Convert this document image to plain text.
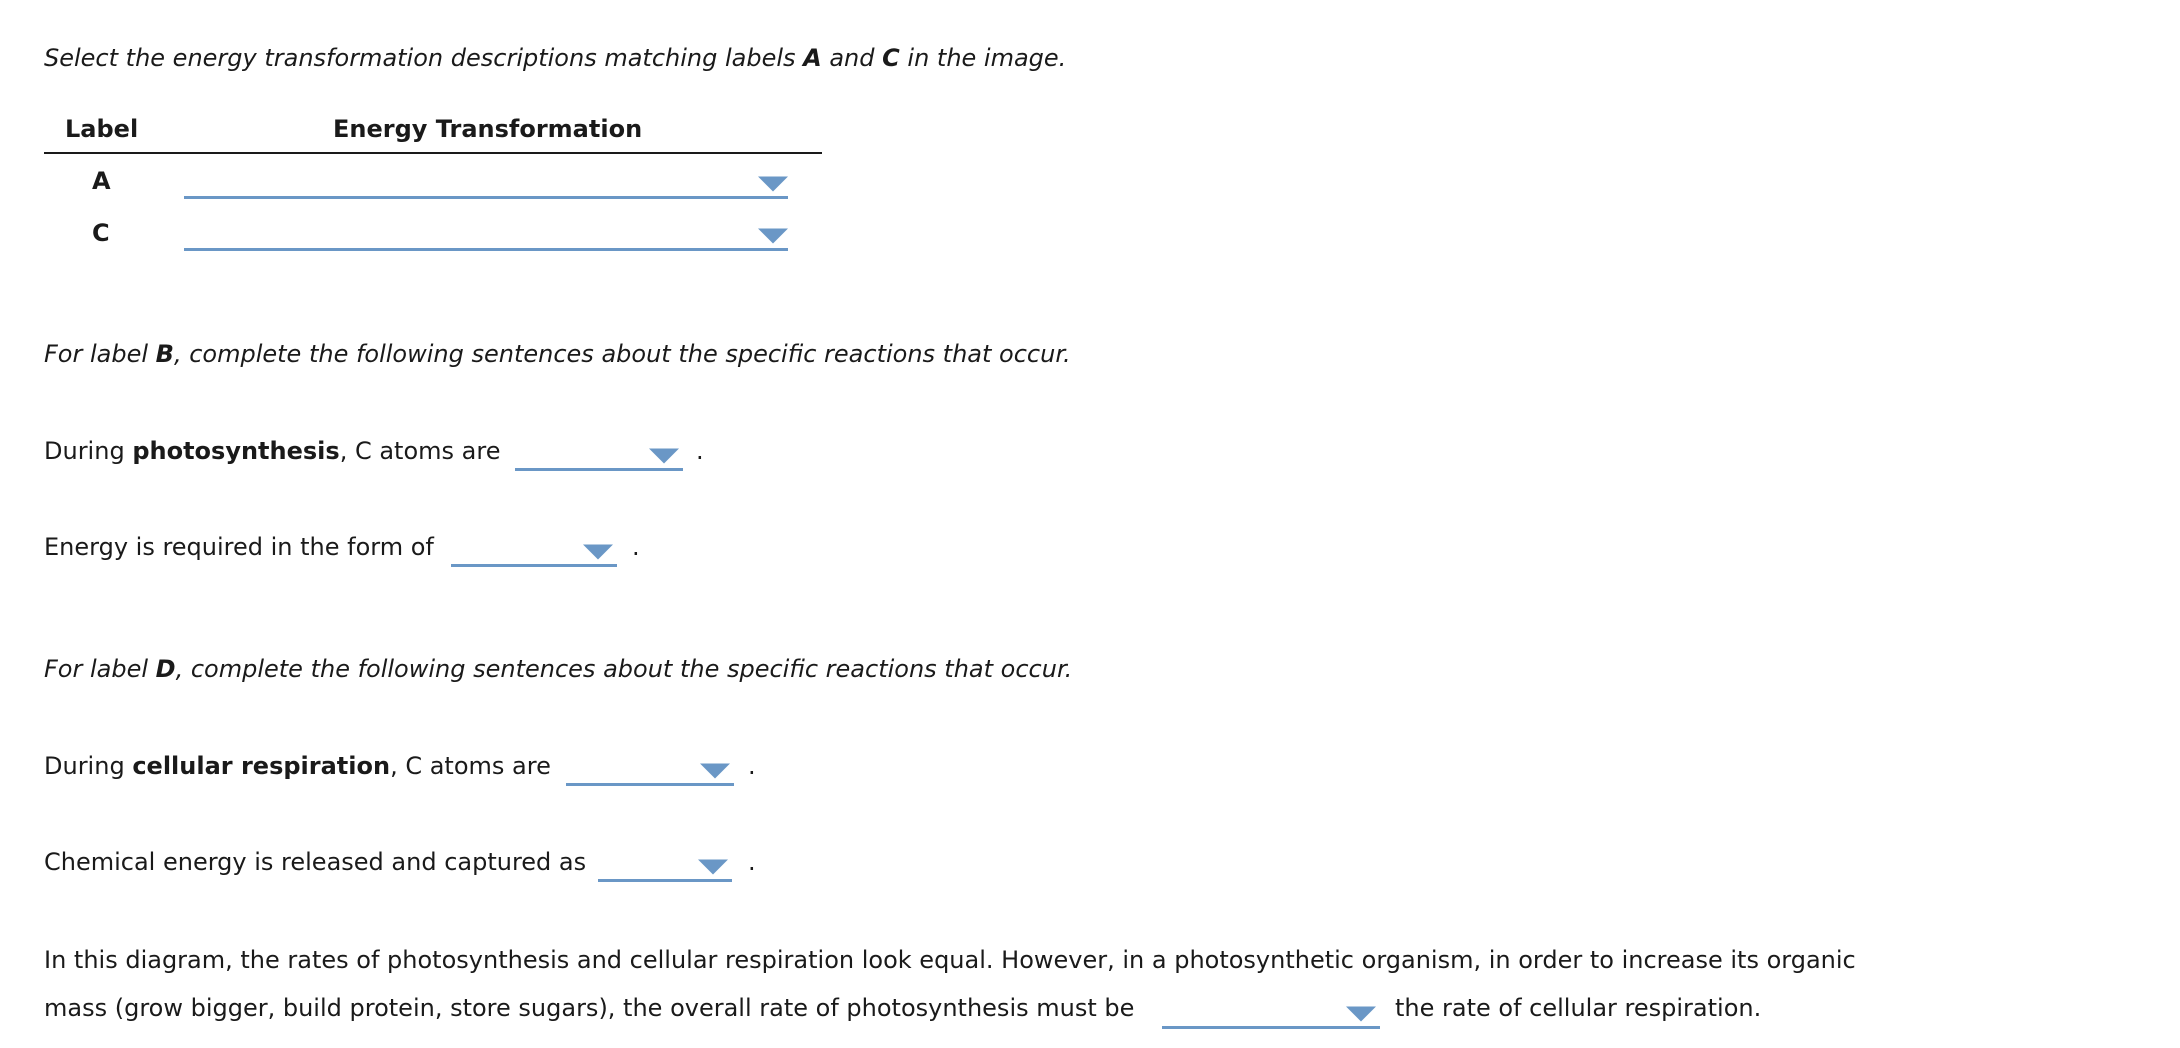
Select the energy transformation descriptions matching labels A and C in the image.
Label	Energy Transformation
A
C
For label B, complete the following sentences about the specific reactions that occur.
During photosynthesis, C atoms are	.
Energy is required in the form of	.
For label D, complete the following sentences about the specific reactions that occur.
During cellular respiration, C atoms are	.
Chemical energy is released and captured as	.
In this diagram, the rates of photosynthesis and cellular respiration look equal. However, in a photosynthetic organism, in order to increase its organic
mass (grow bigger, build protein, store sugars), the overall rate of photosynthesis must be	the rate of cellular respiration.
